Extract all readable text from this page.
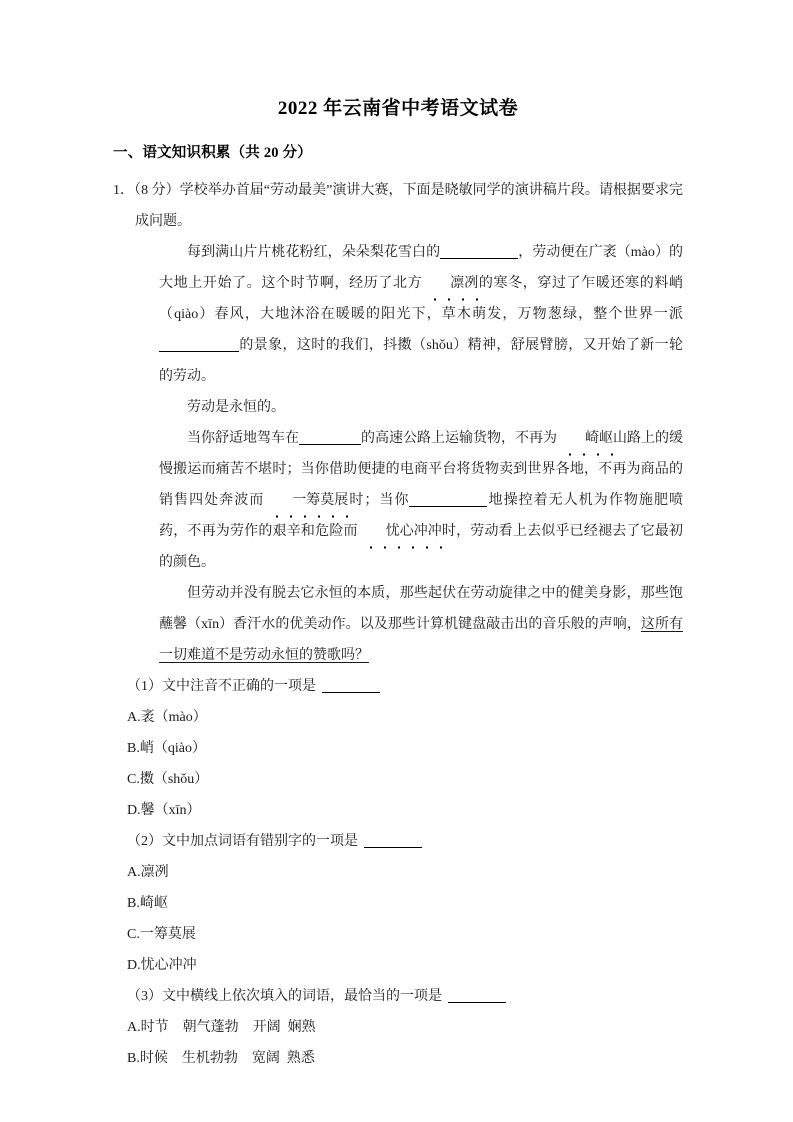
2022 年云南省中考语文试卷
一、语文知识积累（共 20 分）
1．（8 分）学校举办首届“劳动最美”演讲大赛，下面是晓敏同学的演讲稿片段。请根据要求完成问题。

每到满山片片桃花粉红，朵朵梨花雪白的	，劳动便在广袤（mào）的大地上开始了。这个时节啊，经历了北方 凛冽的寒冬，穿过了乍暖还寒的料峭（qiào）春风，大地沐浴在暖暖的阳光下，草木萌发，万物葱绿，整个世界一派的景象，这时的我们，抖擞（shǒu）精神，舒展臂膀，又开始了新一轮的劳动。

劳动是永恒的。

当你舒适地驾车在	的高速公路上运输货物，不再为 崎岖山路上的缓慢搬运而痛苦不堪时；当你借助便捷的电商平台将货物卖到世界各地，不再为商品的销售四处奔波而 一筹莫展时；当你	地操控着无人机为作物施肥喷药，不再为劳作的艰辛和危险而 忧心冲冲时，劳动看上去似乎已经褪去了它最初的颜色。

但劳动并没有脱去它永恒的本质，那些起伏在劳动旋律之中的健美身影，那些饱蘸馨（xīn）香汗水的优美动作。以及那些计算机键盘敲击出的音乐般的声响，这所有一切难道不是劳动永恒的赞歌吗？

（1）文中注音不正确的一项是
A.袤（mào）
B.峭（qiào）
C.擞（shǒu）
D.馨（xīn）
（2）文中加点词语有错别字的一项是
A.凛冽
B.崎岖
C.一筹莫展
D.忧心冲冲
（3）文中横线上依次填入的词语，最恰当的一项是
A.时节    朝气蓬勃    开阔  娴熟
B.时候    生机勃勃    宽阔  熟悉
